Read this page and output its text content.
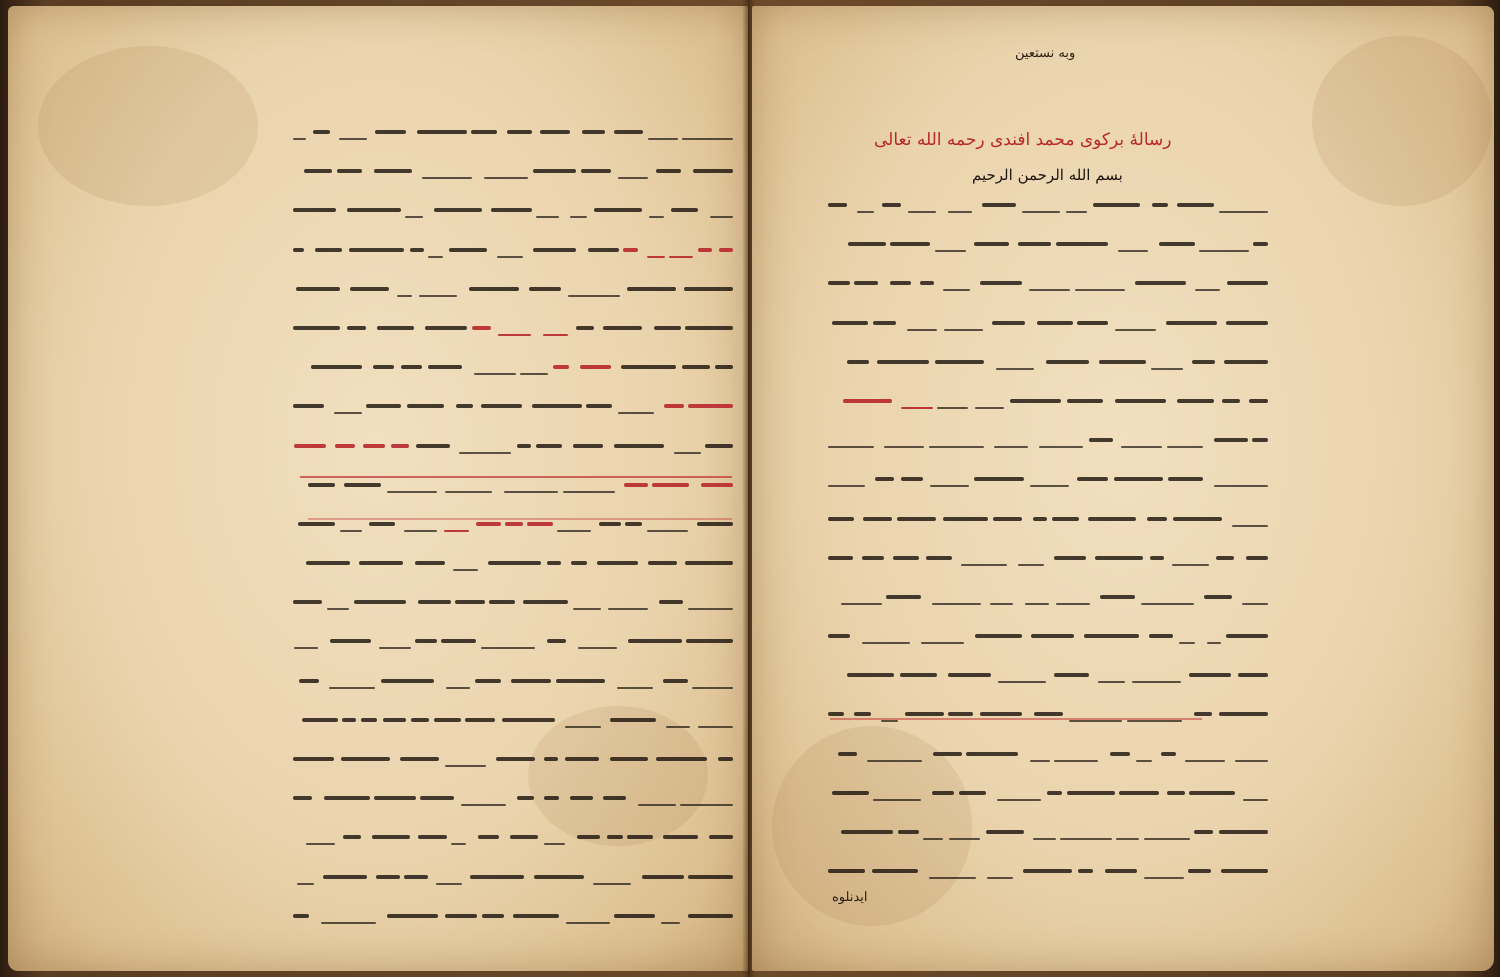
وبه نستعين
رسالهٔ برکوی محمد افندی رحمه الله تعالی
بسم الله الرحمن الرحيم
ایدنلوه
